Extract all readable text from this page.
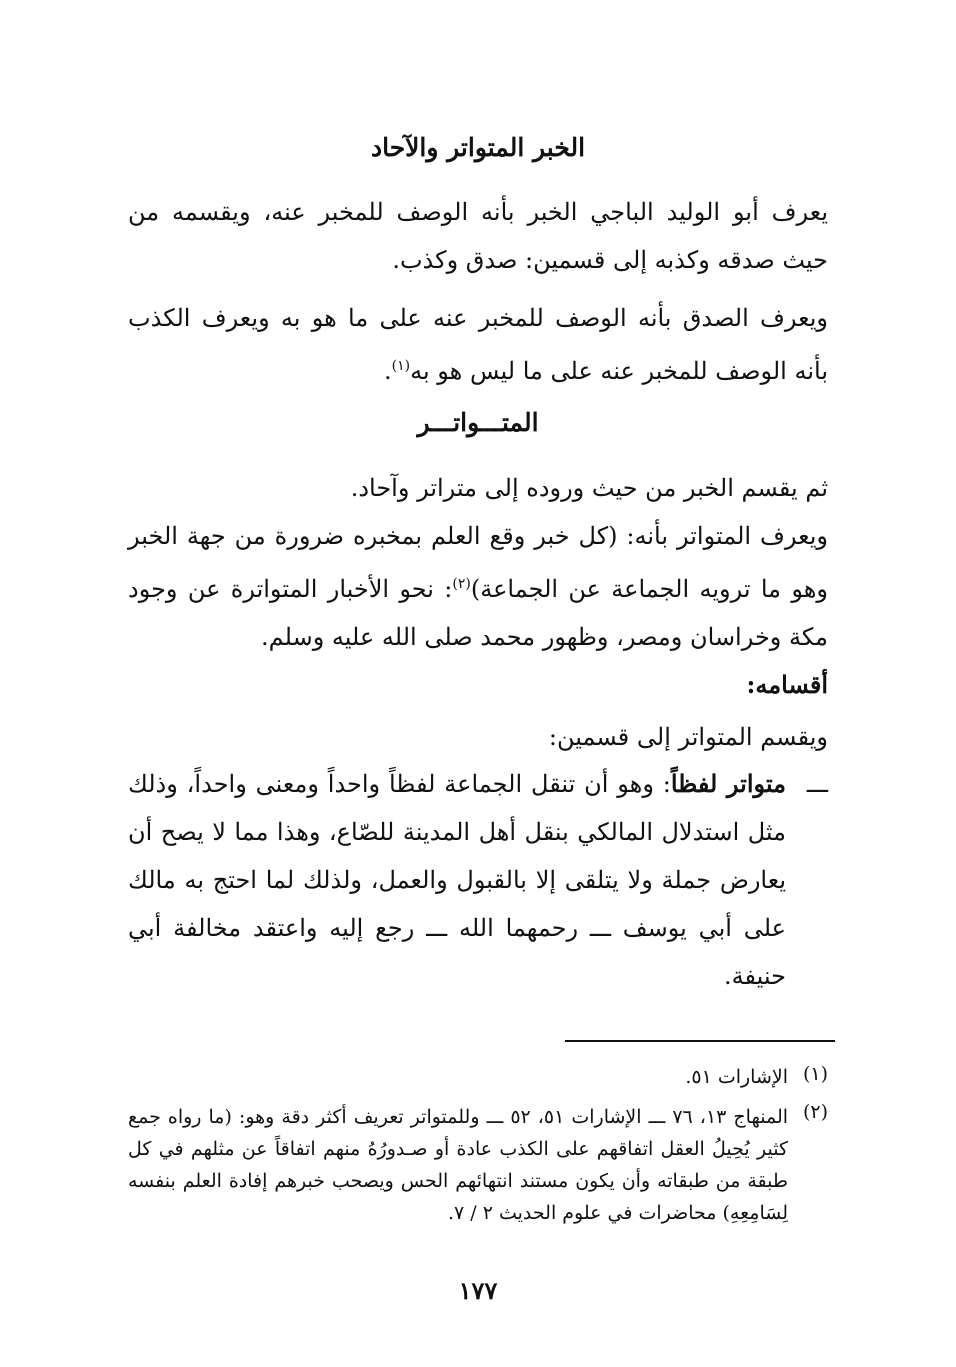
الخبر المتواتر والآحاد
يعرف أبو الوليد الباجي الخبر بأنه الوصف للمخبر عنه، ويقسمه من حيث صدقه وكذبه إلى قسمين: صدق وكذب.
ويعرف الصدق بأنه الوصف للمخبر عنه على ما هو به ويعرف الكذب بأنه الوصف للمخبر عنه على ما ليس هو به$^{(١)}$.
المتـــواتـــر
ثم يقسم الخبر من حيث وروده إلى متراتر وآحاد.
ويعرف المتواتر بأنه: (كل خبر وقع العلم بمخبره ضرورة من جهة الخبر وهو ما ترويه الجماعة عن الجماعة)$^{(٢)}$: نحو الأخبار المتواترة عن وجود مكة وخراسان ومصر، وظهور محمد صلى الله عليه وسلم.
أقسامه:
ويقسم المتواتر إلى قسمين:
ـــ
متواتر لفظاً: وهو أن تنقل الجماعة لفظاً واحداً ومعنى واحداً، وذلك مثل استدلال المالكي بنقل أهل المدينة للصّاع، وهذا مما لا يصح أن يعارض جملة ولا يتلقى إلا بالقبول والعمل، ولذلك لما احتج به مالك على أبي يوسف ـــ رحمهما الله ـــ رجع إليه واعتقد مخالفة أبي حنيفة.
(١)
الإشارات ٥١.
(٢)
المنهاج ١٣، ٧٦ ـــ الإشارات ٥١، ٥٢ ـــ وللمتواتر تعريف أكثر دقة وهو: (ما رواه جمع كثير يُحِيلُ العقل اتفاقهم على الكذب عادة أو صـدورُهُ منهم اتفاقاً عن مثلهم في كل طبقة من طبقاته وأن يكون مستند انتهائهم الحس ويصحب خبرهم إفادة العلم بنفسه لِسَامِعِهِ) محاضرات في علوم الحديث ٢ / ٧.
١٧٧
